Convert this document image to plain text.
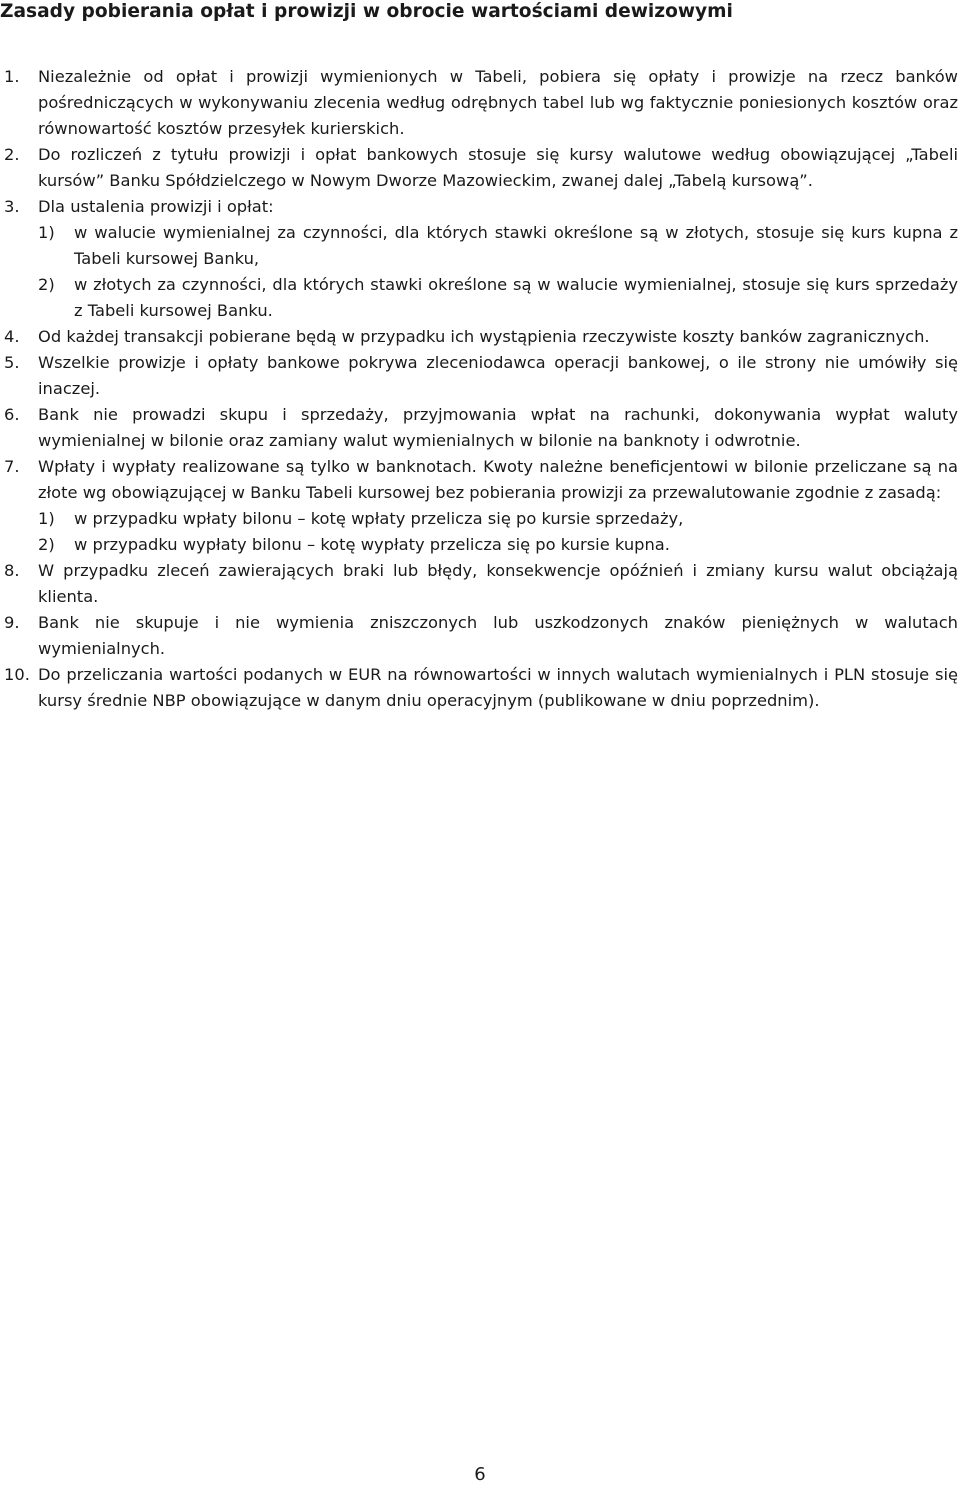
Zasady pobierania opłat i prowizji w obrocie wartościami dewizowymi
1.	Niezależnie od opłat i prowizji wymienionych w Tabeli, pobiera się opłaty i prowizje na rzecz banków pośredniczących w wykonywaniu zlecenia według odrębnych tabel lub wg faktycznie poniesionych kosztów oraz równowartość kosztów przesyłek kurierskich.
2.	Do rozliczeń z tytułu prowizji i opłat bankowych stosuje się kursy walutowe według obowiązującej „Tabeli kursów” Banku Spółdzielczego w Nowym Dworze Mazowieckim, zwanej dalej „Tabelą kursową”.
3.	Dla ustalenia prowizji i opłat:
1)	w walucie wymienialnej za czynności, dla których stawki określone są w złotych, stosuje się kurs kupna z Tabeli kursowej Banku,
2)	w złotych za czynności, dla których stawki określone są w walucie wymienialnej, stosuje się kurs sprzedaży z Tabeli kursowej Banku.
4.	Od każdej transakcji pobierane będą w przypadku ich wystąpienia rzeczywiste koszty banków zagranicznych.
5.	Wszelkie prowizje i opłaty bankowe pokrywa zleceniodawca operacji bankowej, o ile strony nie umówiły się inaczej.
6.	Bank nie prowadzi skupu i sprzedaży, przyjmowania wpłat na rachunki, dokonywania wypłat waluty wymienialnej w bilonie oraz zamiany walut wymienialnych w bilonie na banknoty i odwrotnie.
7.	Wpłaty i wypłaty realizowane są tylko w banknotach. Kwoty należne beneficjentowi w bilonie przeliczane są na złote wg obowiązującej w Banku Tabeli kursowej bez pobierania prowizji za przewalutowanie zgodnie z zasadą:
1)	w przypadku wpłaty bilonu – kotę wpłaty przelicza się po kursie sprzedaży,
2)	w przypadku wypłaty bilonu – kotę wypłaty przelicza się po kursie kupna.
8.	W przypadku zleceń zawierających braki lub błędy, konsekwencje opóźnień i zmiany kursu walut obciążają klienta.
9.	Bank nie skupuje i nie wymienia zniszczonych lub uszkodzonych znaków pieniężnych w walutach wymienialnych.
10. Do przeliczania wartości podanych w EUR na równowartości w innych walutach wymienialnych i PLN stosuje się kursy średnie NBP obowiązujące w danym dniu operacyjnym (publikowane w dniu poprzednim).
6
